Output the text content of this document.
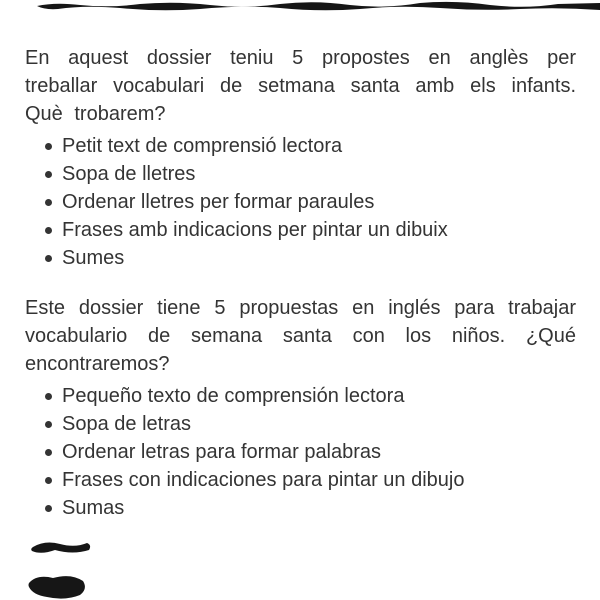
En aquest dossier teniu 5 propostes en anglès per treballar vocabulari de setmana santa amb els infants. Què trobarem?

Petit text de comprensió lectora
Sopa de lletres
Ordenar lletres per formar paraules
Frases amb indicacions per pintar un dibuix
Sumes

Este dossier tiene 5 propuestas en inglés para trabajar vocabulario de semana santa con los niños. ¿Qué encontraremos?

Pequeño texto de comprensión lectora
Sopa de letras
Ordenar letras para formar palabras
Frases con indicaciones para pintar un dibujo
Sumas
